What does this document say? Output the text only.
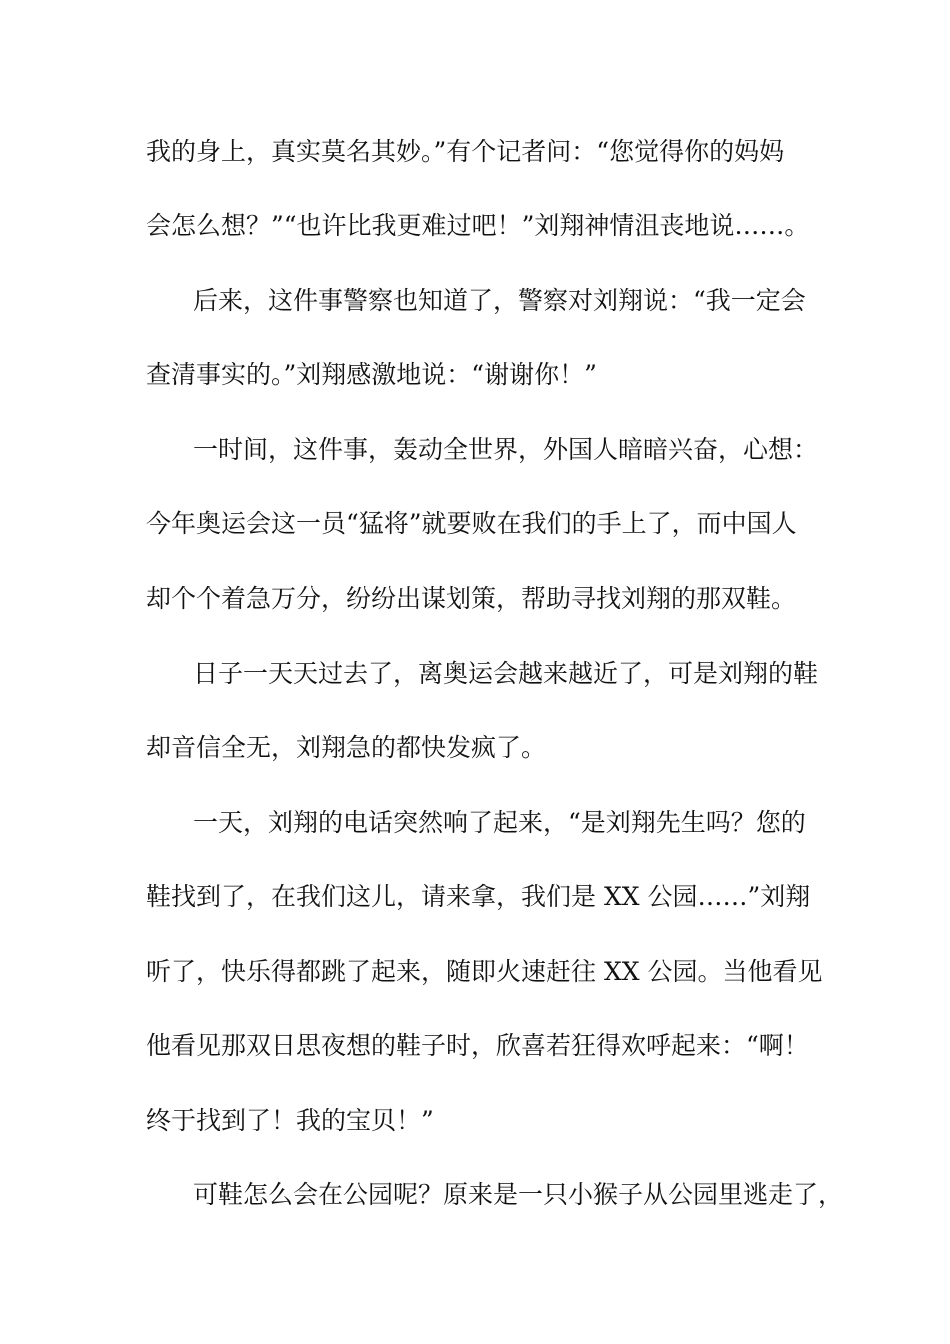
我的身上，真实莫名其妙。”有个记者问：“您觉得你的妈妈
会怎么想？”“也许比我更难过吧！”刘翔神情沮丧地说……。
后来，这件事警察也知道了，警察对刘翔说：“我一定会
查清事实的。”刘翔感激地说：“谢谢你！”
一时间，这件事，轰动全世界，外国人暗暗兴奋，心想：
今年奥运会这一员“猛将”就要败在我们的手上了，而中国人
却个个着急万分，纷纷出谋划策，帮助寻找刘翔的那双鞋。
日子一天天过去了，离奥运会越来越近了，可是刘翔的鞋
却音信全无，刘翔急的都快发疯了。
一天，刘翔的电话突然响了起来，“是刘翔先生吗？您的
鞋找到了，在我们这儿，请来拿，我们是 XX 公园……”刘翔
听了，快乐得都跳了起来，随即火速赶往 XX 公园。当他看见
他看见那双日思夜想的鞋子时，欣喜若狂得欢呼起来：“啊！
终于找到了！我的宝贝！”
可鞋怎么会在公园呢？原来是一只小猴子从公园里逃走了，
